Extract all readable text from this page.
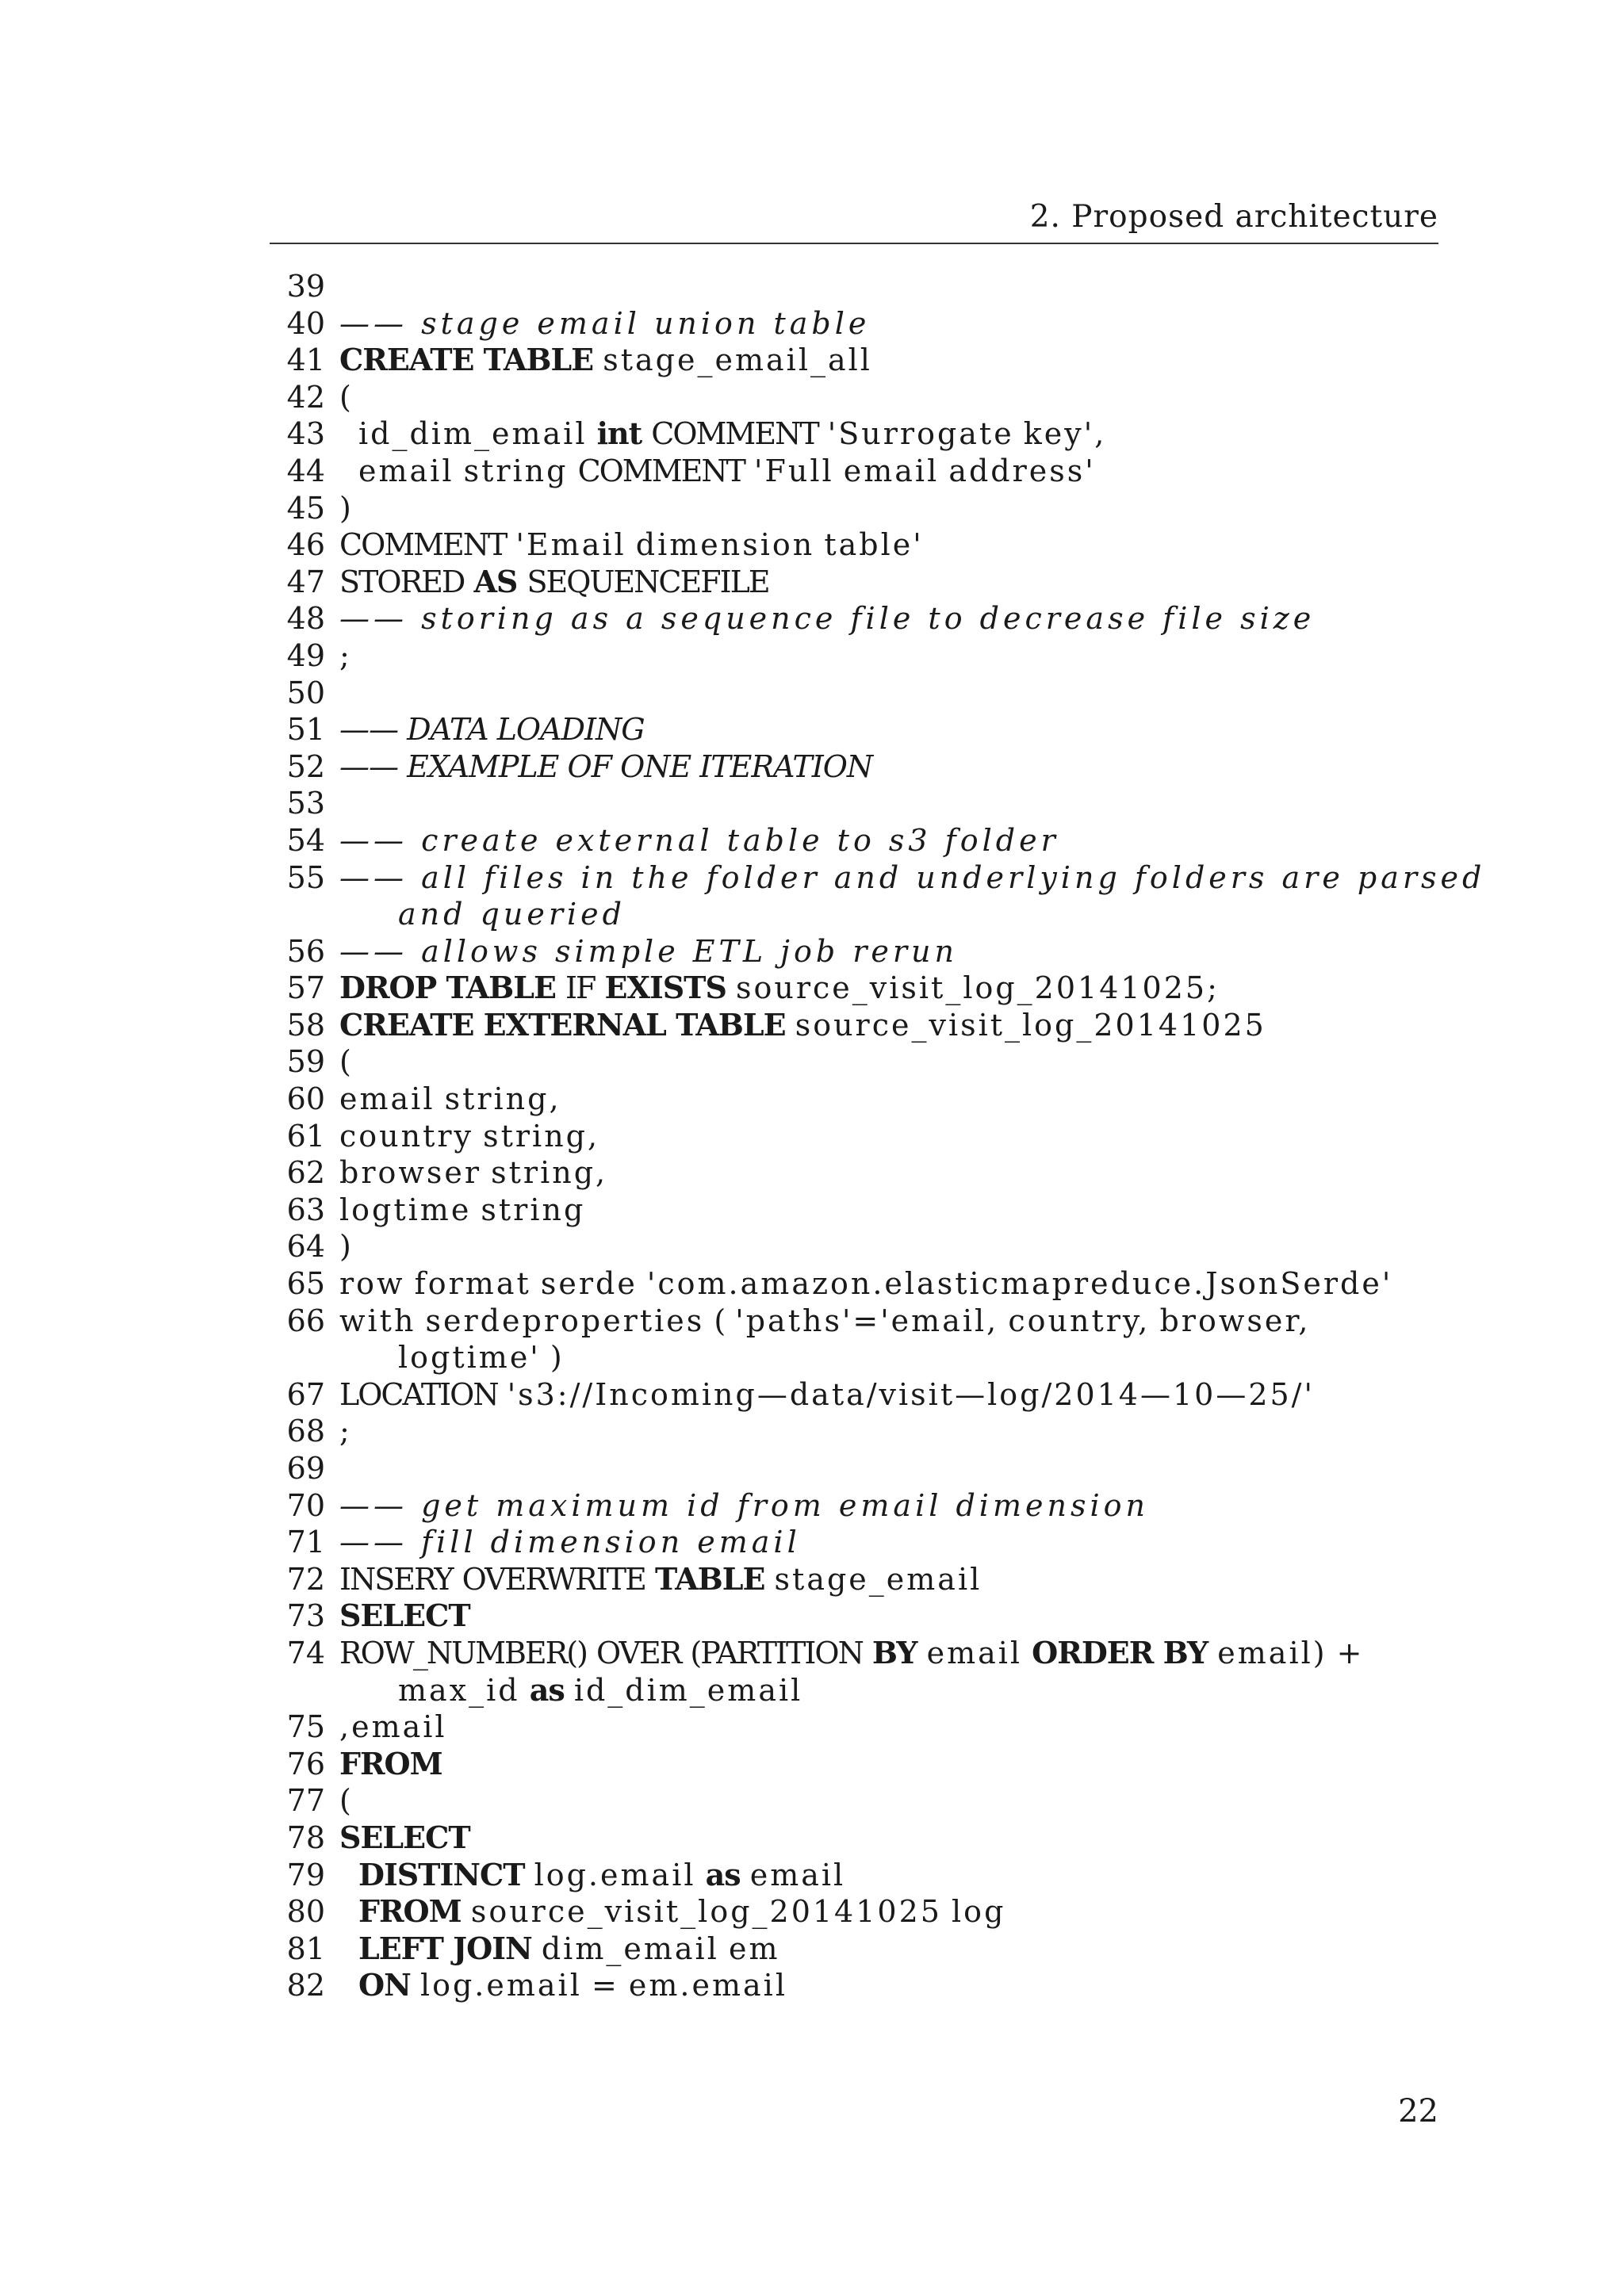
2. Proposed architecture
39
40 —— stage email union table
41 CREATE TABLE stage_email_all
42 (
43 id_dim_email int COMMENT 'Surrogate key',
44 email string COMMENT 'Full email address'
45 )
46 COMMENT 'Email dimension table'
47 STORED AS SEQUENCEFILE
48 —— storing as a sequence file to decrease file size
49 ;
50
51 —— DATA LOADING
52 —— EXAMPLE OF ONE ITERATION
53
54 —— create external table to s3 folder
55 —— all files in the folder and underlying folders are parsed
and queried
56 —— allows simple ETL job rerun
57 DROP TABLE IF EXISTS source_visit_log_20141025;
58 CREATE EXTERNAL TABLE source_visit_log_20141025
59 (
60 email string,
61 country string,
62 browser string,
63 logtime string
64 )
65 row format serde 'com.amazon.elasticmapreduce.JsonSerde'
66 with serdeproperties ( 'paths'='email, country, browser,
logtime' )
67 LOCATION 's3://Incoming—data/visit—log/2014—10—25/'
68 ;
69
70 —— get maximum id from email dimension
71 —— fill dimension email
72 INSERY OVERWRITE TABLE stage_email
73 SELECT
74 ROW_NUMBER() OVER (PARTITION BY email ORDER BY email) +
max_id as id_dim_email
75 ,email
76 FROM
77 (
78 SELECT
79 DISTINCT log.email as email
80 FROM source_visit_log_20141025 log
81 LEFT JOIN dim_email em
82 ON log.email = em.email
22
